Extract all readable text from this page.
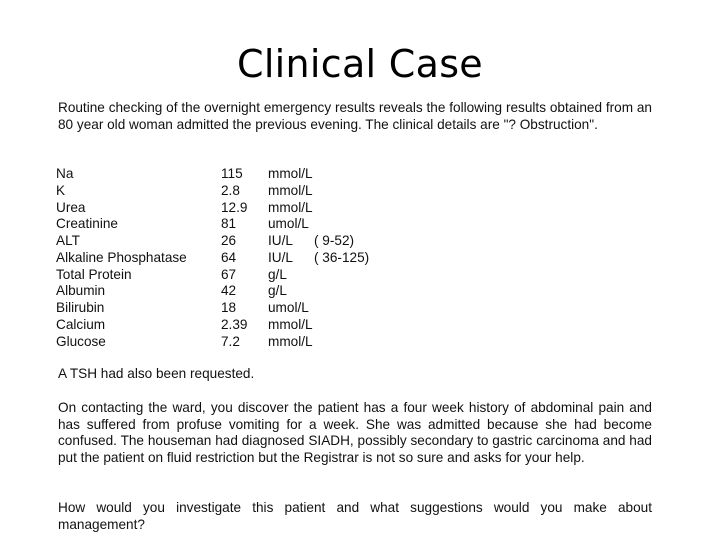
Clinical Case
Routine checking of the overnight emergency results reveals the following results obtained from an 80 year old woman admitted the previous evening. The clinical details are "? Obstruction".
Na	115 mmol/L
K	2.8 mmol/L
Urea	12.9 mmol/L
Creatinine	81 umol/L
ALT	26 IU/L ( 9-52)
Alkaline Phosphatase	64 IU/L ( 36-125)
Total Protein	67 g/L
Albumin	42 g/L
Bilirubin	18 umol/L
Calcium	2.39 mmol/L
Glucose	7.2 mmol/L
A TSH had also been requested.
On contacting the ward, you discover the patient has a four week history of abdominal pain and has suffered from profuse vomiting for a week. She was admitted because she had become confused. The houseman had diagnosed SIADH, possibly secondary to gastric carcinoma and had put the patient on fluid restriction but the Registrar is not so sure and asks for your help.
How would you investigate this patient and what suggestions would you make about management?
